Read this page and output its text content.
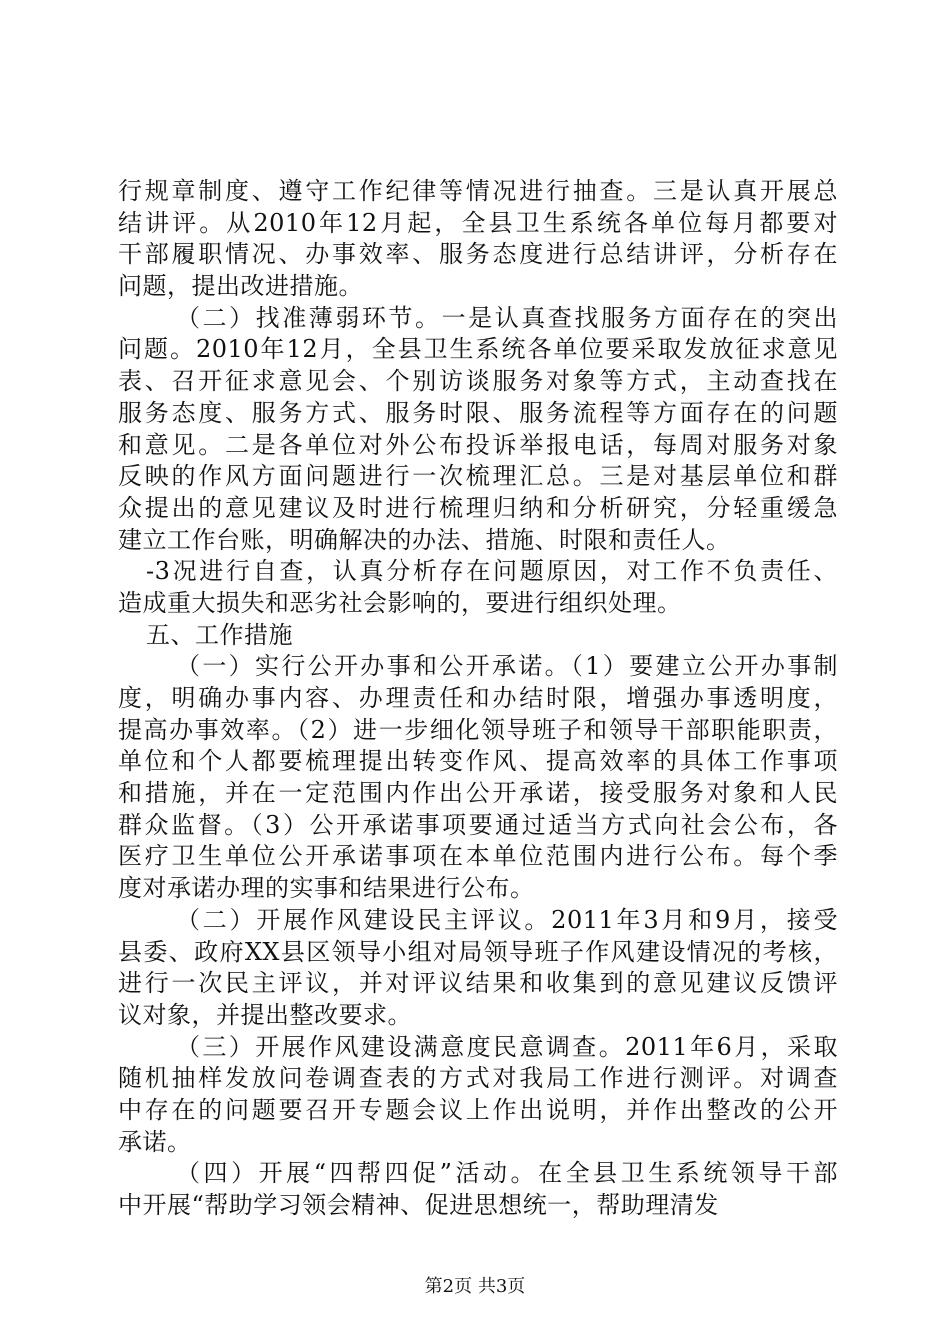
行规章制度、遵守工作纪律等情况进行抽查。三是认真开展总
结讲评。从2010年12月起，全县卫生系统各单位每月都要对
干部履职情况、办事效率、服务态度进行总结讲评，分析存在
问题，提出改进措施。
（二）找准薄弱环节。一是认真查找服务方面存在的突出
问题。2010年12月，全县卫生系统各单位要采取发放征求意见
表、召开征求意见会、个别访谈服务对象等方式，主动查找在
服务态度、服务方式、服务时限、服务流程等方面存在的问题
和意见。二是各单位对外公布投诉举报电话，每周对服务对象
反映的作风方面问题进行一次梳理汇总。三是对基层单位和群
众提出的意见建议及时进行梳理归纳和分析研究，分轻重缓急
建立工作台账，明确解决的办法、措施、时限和责任人。
-3况进行自查，认真分析存在问题原因，对工作不负责任、
造成重大损失和恶劣社会影响的，要进行组织处理。
五、工作措施
（一）实行公开办事和公开承诺。（1）要建立公开办事制
度，明确办事内容、办理责任和办结时限，增强办事透明度，
提高办事效率。（2）进一步细化领导班子和领导干部职能职责，
单位和个人都要梳理提出转变作风、提高效率的具体工作事项
和措施，并在一定范围内作出公开承诺，接受服务对象和人民
群众监督。（3）公开承诺事项要通过适当方式向社会公布，各
医疗卫生单位公开承诺事项在本单位范围内进行公布。每个季
度对承诺办理的实事和结果进行公布。
（二）开展作风建设民主评议。2011年3月和9月，接受
县委、政府XX县区领导小组对局领导班子作风建设情况的考核，
进行一次民主评议，并对评议结果和收集到的意见建议反馈评
议对象，并提出整改要求。
（三）开展作风建设满意度民意调查。2011年6月，采取
随机抽样发放问卷调查表的方式对我局工作进行测评。对调查
中存在的问题要召开专题会议上作出说明，并作出整改的公开
承诺。
（四）开展“四帮四促”活动。在全县卫生系统领导干部
中开展“帮助学习领会精神、促进思想统一，帮助理清发
第2页 共3页
